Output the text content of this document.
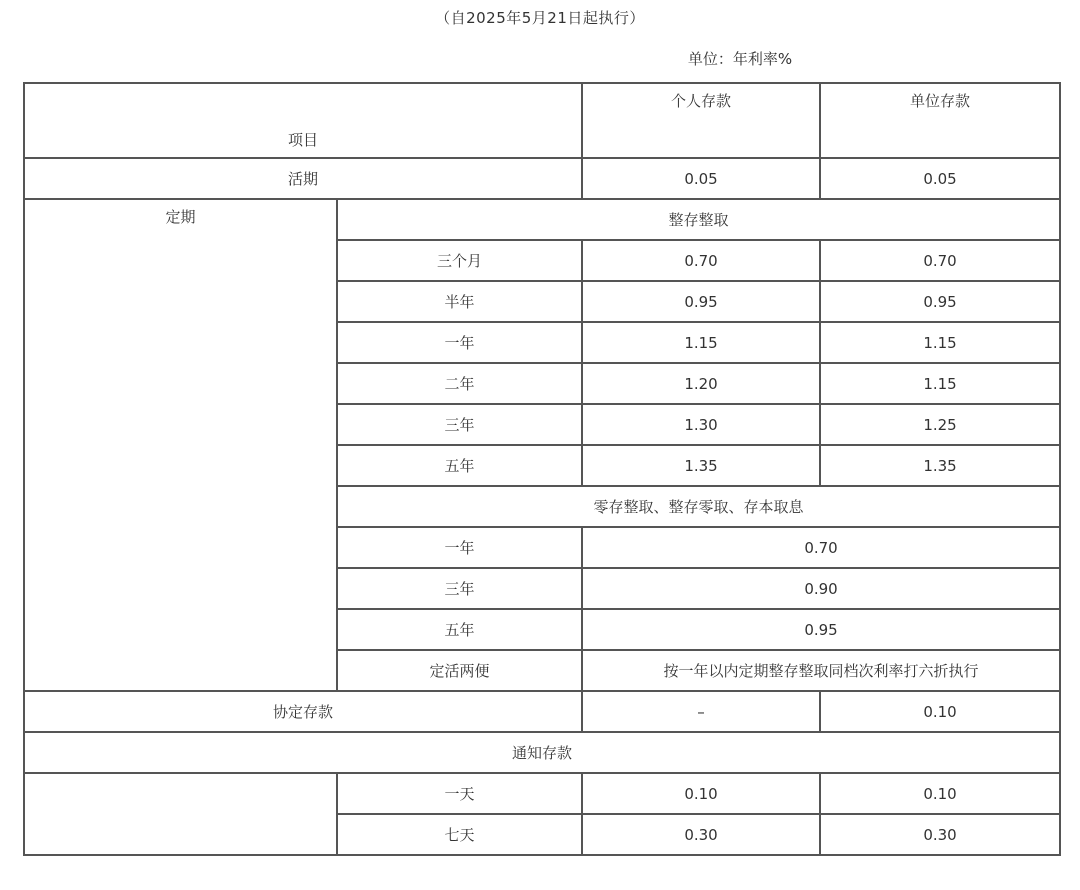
（自2025年5月21日起执行）
单位：年利率%
项目		个人存款	单位存款
活期		0.05	0.05
定期	整存整取		
	三个月	0.70	0.70
	半年	0.95	0.95
	一年	1.15	1.15
	二年	1.20	1.15
	三年	1.30	1.25
	五年	1.35	1.35
	零存整取、整存零取、存本取息		
	一年	0.70	
	三年	0.90	
	五年	0.95	
	定活两便	按一年以内定期整存整取同档次利率打六折执行	
协定存款		–	0.10
通知存款			
	一天	0.10	0.10
	七天	0.30	0.30
